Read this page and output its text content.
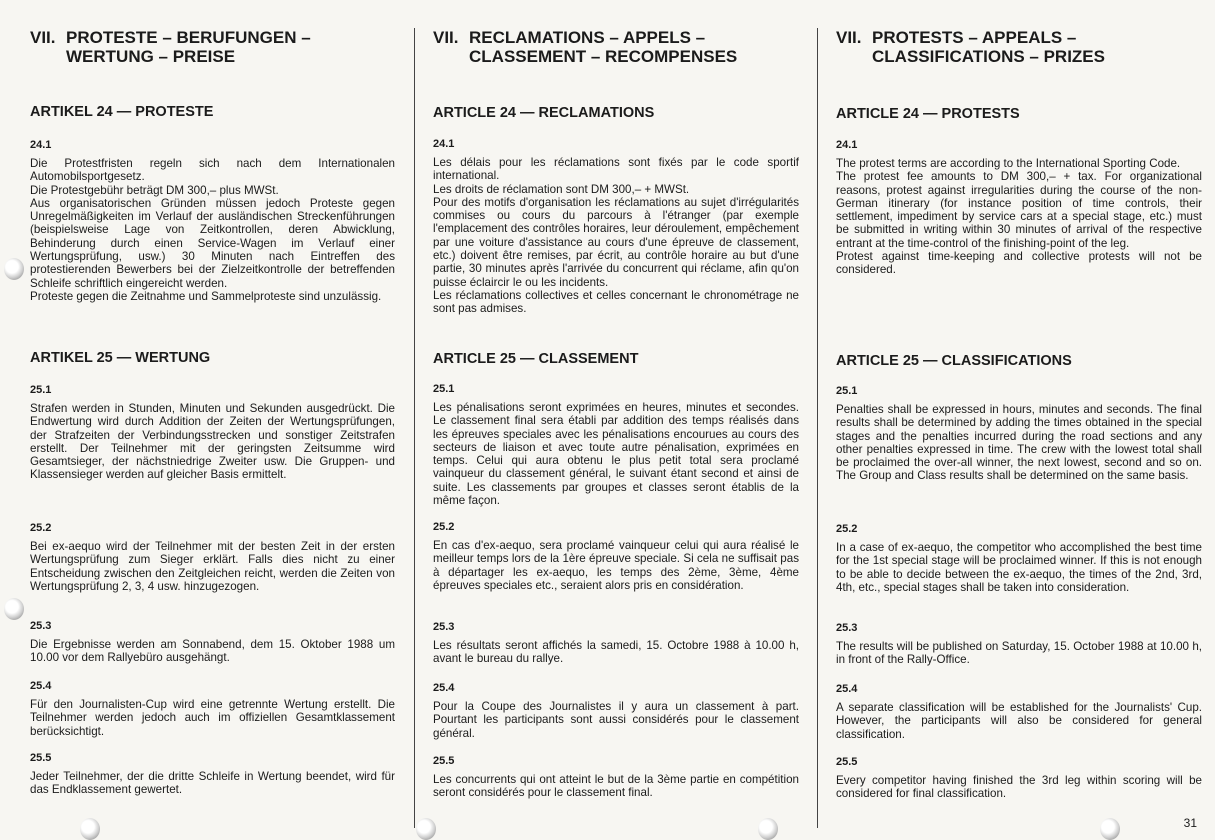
VII. PROTESTE – BERUFUNGEN –
WERTUNG – PREISE
ARTIKEL 24 — PROTESTE
24.1
Die Protestfristen regeln sich nach dem Internationalen Automobilsportgesetz.
Die Protestgebühr beträgt DM 300,– plus MWSt.
Aus organisatorischen Gründen müssen jedoch Proteste gegen Unregelmäßigkeiten im Verlauf der ausländischen Streckenführungen (beispielsweise Lage von Zeitkontrollen, deren Abwicklung, Behinderung durch einen Service-Wagen im Verlauf einer Wertungsprüfung, usw.) 30 Minuten nach Eintreffen des protestierenden Bewerbers bei der Zielzeitkontrolle der betreffenden Schleife schriftlich eingereicht werden.
Proteste gegen die Zeitnahme und Sammelproteste sind unzulässig.
ARTIKEL 25 — WERTUNG
25.1
Strafen werden in Stunden, Minuten und Sekunden ausgedrückt. Die Endwertung wird durch Addition der Zeiten der Wertungsprüfungen, der Strafzeiten der Verbindungsstrecken und sonstiger Zeitstrafen erstellt. Der Teilnehmer mit der geringsten Zeitsumme wird Gesamtsieger, der nächstniedrige Zweiter usw. Die Gruppen- und Klassensieger werden auf gleicher Basis ermittelt.
25.2
Bei ex-aequo wird der Teilnehmer mit der besten Zeit in der ersten Wertungsprüfung zum Sieger erklärt. Falls dies nicht zu einer Entscheidung zwischen den Zeitgleichen reicht, werden die Zeiten von Wertungsprüfung 2, 3, 4 usw. hinzugezogen.
25.3
Die Ergebnisse werden am Sonnabend, dem 15. Oktober 1988 um 10.00 vor dem Rallyebüro ausgehängt.
25.4
Für den Journalisten-Cup wird eine getrennte Wertung erstellt. Die Teilnehmer werden jedoch auch im offiziellen Gesamtklassement berücksichtigt.
25.5
Jeder Teilnehmer, der die dritte Schleife in Wertung beendet, wird für das Endklassement gewertet.
VII. RECLAMATIONS – APPELS –
CLASSEMENT – RECOMPENSES
ARTICLE 24 — RECLAMATIONS
24.1
Les délais pour les réclamations sont fixés par le code sportif international.
Les droits de réclamation sont DM 300,– + MWSt.
Pour des motifs d'organisation les réclamations au sujet d'irrégularités commises ou cours du parcours à l'étranger (par exemple l'emplacement des contrôles horaires, leur déroulement, empêchement par une voiture d'assistance au cours d'une épreuve de classement, etc.) doivent être remises, par écrit, au contrôle horaire au but d'une partie, 30 minutes après l'arrivée du concurrent qui réclame, afin qu'on puisse éclaircir le ou les incidents.
Les réclamations collectives et celles concernant le chronométrage ne sont pas admises.
ARTICLE 25 — CLASSEMENT
25.1
Les pénalisations seront exprimées en heures, minutes et secondes. Le classement final sera établi par addition des temps réalisés dans les épreuves speciales avec les pénalisations encourues au cours des secteurs de liaison et avec toute autre pénalisation, exprimées en temps. Celui qui aura obtenu le plus petit total sera proclamé vainqueur du classement général, le suivant étant second et ainsi de suite. Les classements par groupes et classes seront établis de la même façon.
25.2
En cas d'ex-aequo, sera proclamé vainqueur celui qui aura réalisé le meilleur temps lors de la 1ère épreuve speciale. Si cela ne suffisait pas à départager les ex-aequo, les temps des 2ème, 3ème, 4ème épreuves speciales etc., seraient alors pris en considération.
25.3
Les résultats seront affichés la samedi, 15. Octobre 1988 à 10.00 h, avant le bureau du rallye.
25.4
Pour la Coupe des Journalistes il y aura un classement à part. Pourtant les participants sont aussi considérés pour le classement général.
25.5
Les concurrents qui ont atteint le but de la 3ème partie en compétition seront considérés pour le classement final.
VII. PROTESTS – APPEALS –
CLASSIFICATIONS – PRIZES
ARTICLE 24 — PROTESTS
24.1
The protest terms are according to the International Sporting Code.
The protest fee amounts to DM 300,– + tax. For organizational reasons, protest against irregularities during the course of the non-German itinerary (for instance position of time controls, their settlement, impediment by service cars at a special stage, etc.) must be submitted in writing within 30 minutes of arrival of the respective entrant at the time-control of the finishing-point of the leg.
Protest against time-keeping and collective protests will not be considered.
ARTICLE 25 — CLASSIFICATIONS
25.1
Penalties shall be expressed in hours, minutes and seconds. The final results shall be determined by adding the times obtained in the special stages and the penalties incurred during the road sections and any other penalties expressed in time. The crew with the lowest total shall be proclaimed the over-all winner, the next lowest, second and so on. The Group and Class results shall be determined on the same basis.
25.2
In a case of ex-aequo, the competitor who accomplished the best time for the 1st special stage will be proclaimed winner. If this is not enough to be able to decide between the ex-aequo, the times of the 2nd, 3rd, 4th, etc., special stages shall be taken into consideration.
25.3
The results will be published on Saturday, 15. October 1988 at 10.00 h, in front of the Rally-Office.
25.4
A separate classification will be established for the Journalists' Cup. However, the participants will also be considered for general classification.
25.5
Every competitor having finished the 3rd leg within scoring will be considered for final classification.
31
